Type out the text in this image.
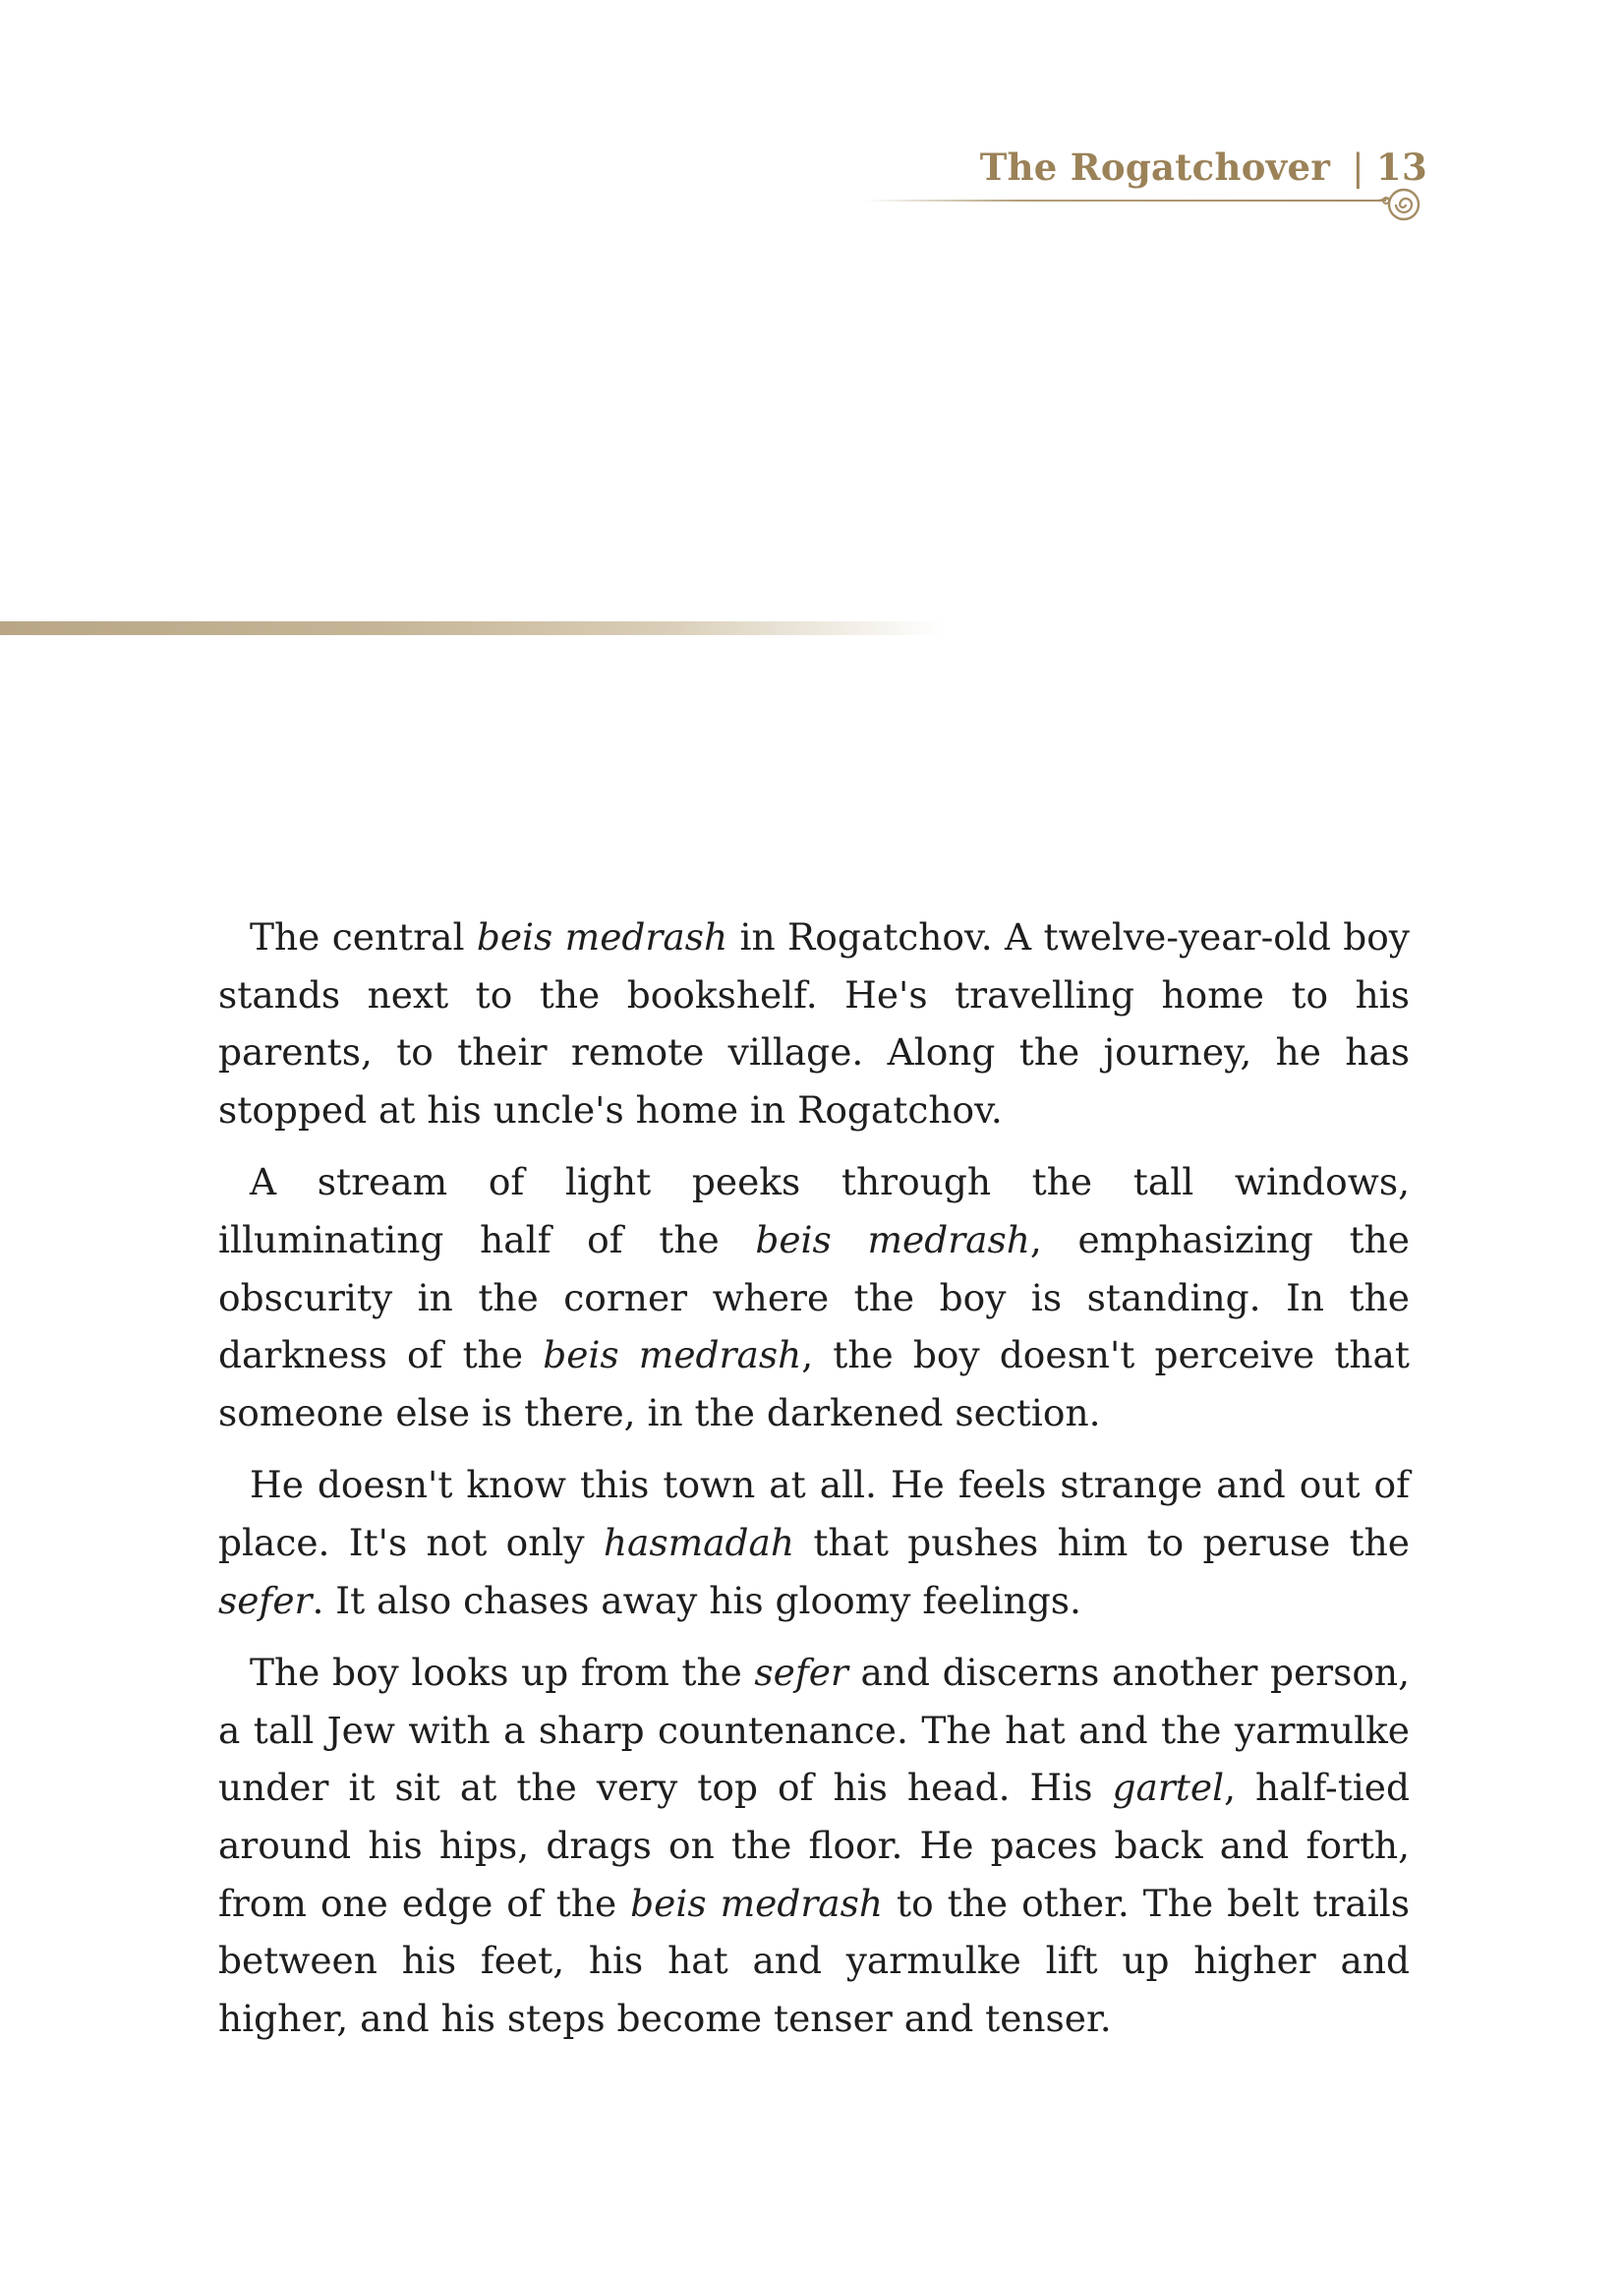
The Rogatchover | 13

The central beis medrash in Rogatchov. A twelve-year-old boy stands next to the bookshelf. He's travelling home to his parents, to their remote village. Along the journey, he has stopped at his uncle's home in Rogatchov.

A stream of light peeks through the tall windows, illuminating half of the beis medrash, emphasizing the obscurity in the corner where the boy is standing. In the darkness of the beis medrash, the boy doesn't perceive that someone else is there, in the darkened section.

He doesn't know this town at all. He feels strange and out of place. It's not only hasmadah that pushes him to peruse the sefer. It also chases away his gloomy feelings.

The boy looks up from the sefer and discerns another person, a tall Jew with a sharp countenance. The hat and the yarmulke under it sit at the very top of his head. His gartel, half-tied around his hips, drags on the floor. He paces back and forth, from one edge of the beis medrash to the other. The belt trails between his feet, his hat and yarmulke lift up higher and higher, and his steps become tenser and tenser.
